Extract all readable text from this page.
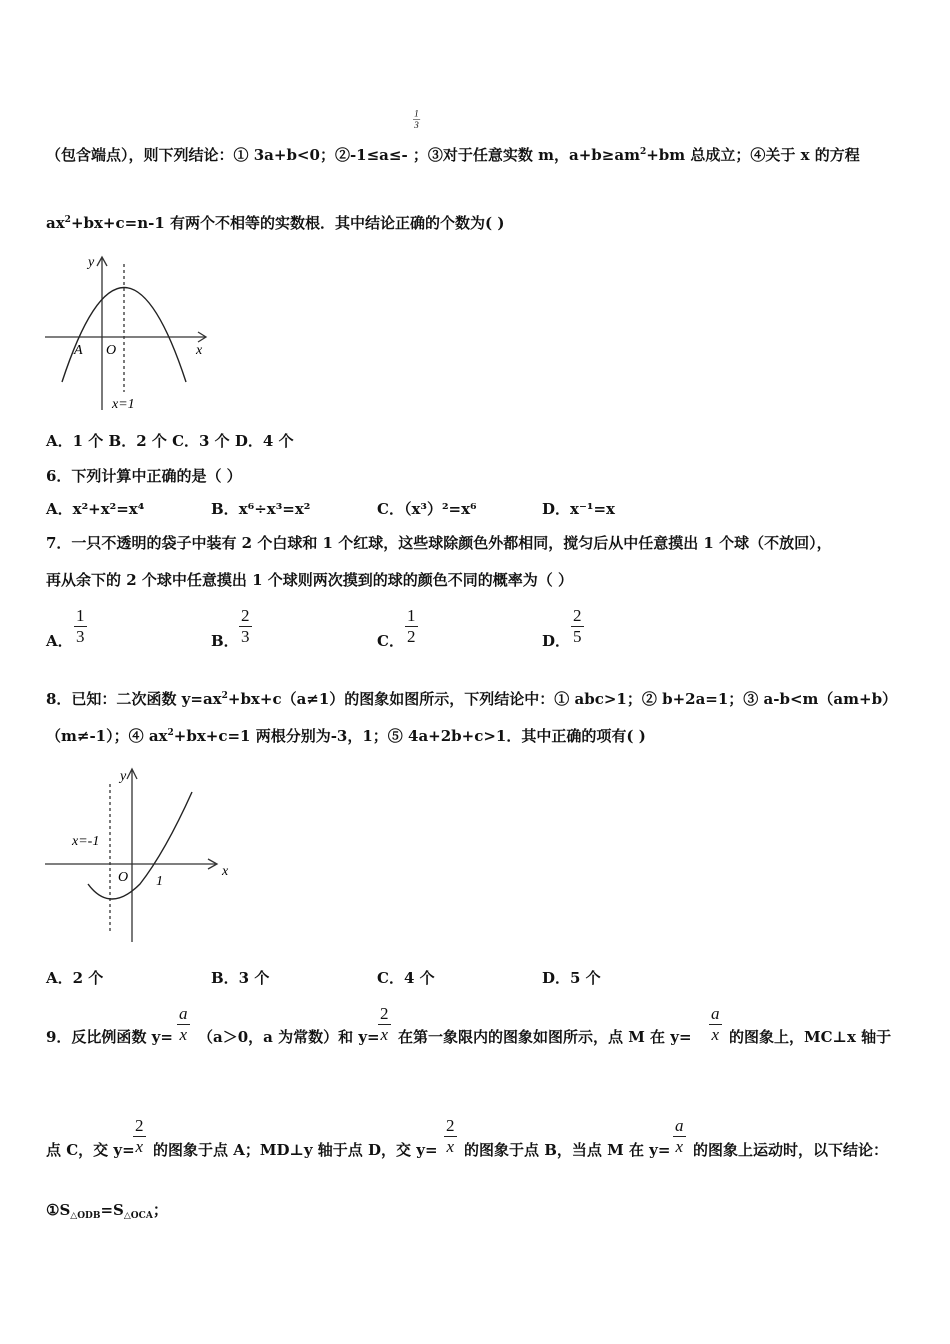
$\frac{1}{3}$
（包含端点），则下列结论：① 3a+b<0；②-1≤a≤- ；③对于任意实数 m，$a+b\ge am^2+bm$ 总成立；④关于 x 的方程
$ax^2+bx+c=n-1$ 有两个不相等的实数根．其中结论正确的个数为( )
y
x
A O
x=1
A．1 个 B．2 个 C．3 个 D．4 个
6．下列计算中正确的是（ ）
A．x²+x²=x⁴	B．x⁶÷x³=x²	C．（x³）²=x⁶	D．x⁻¹=x
7．一只不透明的袋子中装有 2 个白球和 1 个红球，这些球除颜色外都相同，搅匀后从中任意摸出 1 个球（不放回），
再从余下的 2 个球中任意摸出 1 个球则两次摸到的球的颜色不同的概率为（ ）
A． $\frac{1}{3}$	B． $\frac{2}{3}$	C． $\frac{1}{2}$	D． $\frac{2}{5}$
8．已知：二次函数 $y=ax^2+bx+c(a\ne 1)$的图象如图所示，下列结论中：① abc>1；② b+2a=1；③ a-b<m（am+b）
（m≠-1）；④ $ax^2+bx+c=1$ 两根分别为-3，1；⑤ 4a+2b+c>1．其中正确的项有( )
y
x
O 1
x=-1
A．2 个	B．3 个	C．4 个	D．5 个
9．反比例函数 $y= \frac{a}{x} (a>0$，a 为常数）和 y=
$\frac{2}{x}$ 在第一象限内的图象如图所示，点 M 在 $y= \frac{a}{x}$ 的图象上，MC⊥x 轴于
点 C，交 y=
$\frac{2}{x}$ 的图象于点 A；MD⊥y 轴于点 D，交 $y= \frac{2}{x}$ 的图象于点 B，当点 M 在 $y= \frac{a}{x}$ 的图象上运动时，以下结论：
$①S_{\triangle ODB}=S_{\triangle OCA}$；
